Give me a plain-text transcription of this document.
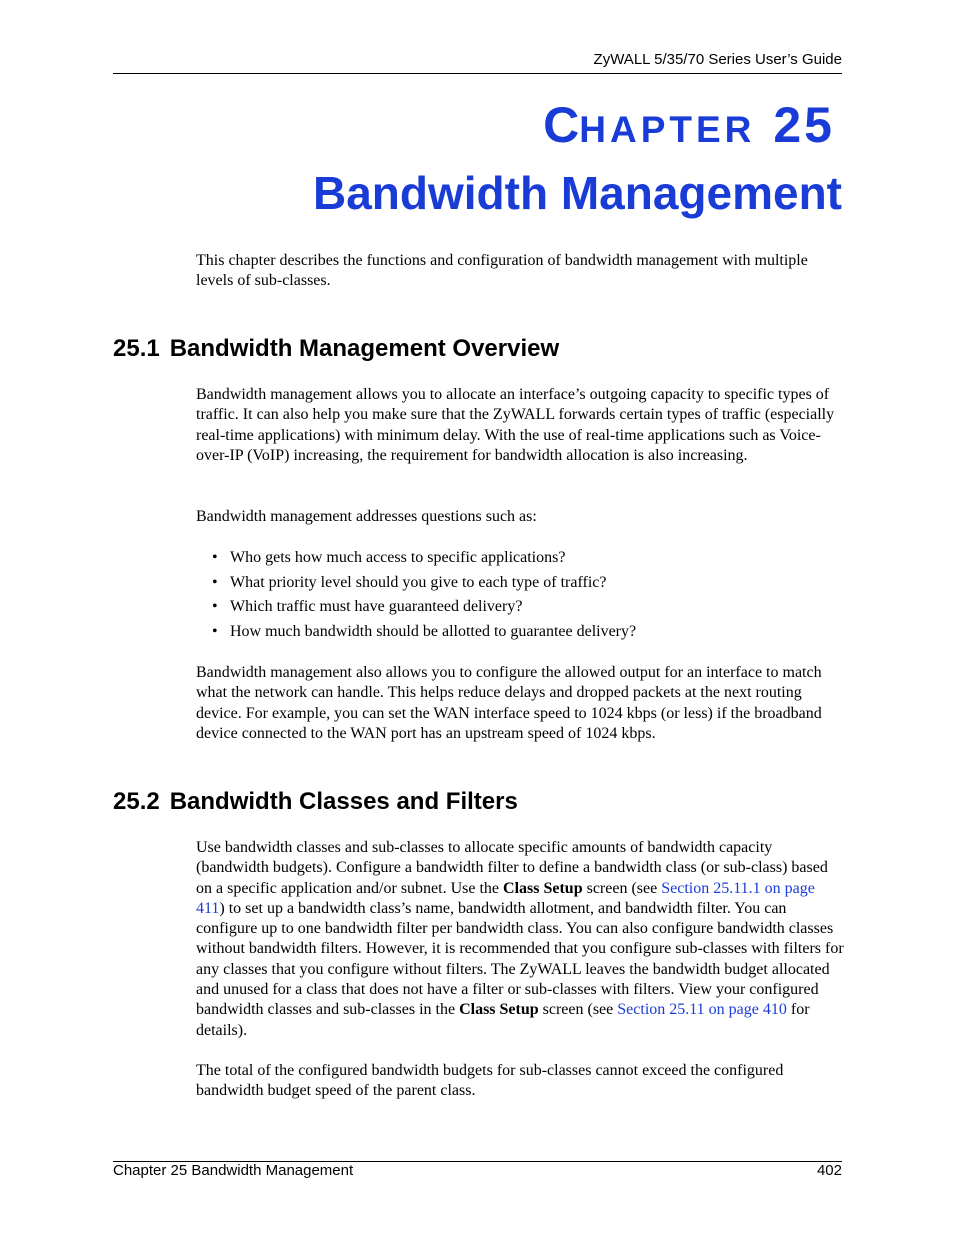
ZyWALL 5/35/70 Series User’s Guide
CHAPTER 25
Bandwidth Management

This chapter describes the functions and configuration of bandwidth management with multiple levels of sub-classes.

25.1 Bandwidth Management Overview

Bandwidth management allows you to allocate an interface’s outgoing capacity to specific types of traffic. It can also help you make sure that the ZyWALL forwards certain types of traffic (especially real-time applications) with minimum delay. With the use of real-time applications such as Voice-over-IP (VoIP) increasing, the requirement for bandwidth allocation is also increasing.

Bandwidth management addresses questions such as:

• Who gets how much access to specific applications?
• What priority level should you give to each type of traffic?
• Which traffic must have guaranteed delivery?
• How much bandwidth should be allotted to guarantee delivery?

Bandwidth management also allows you to configure the allowed output for an interface to match what the network can handle. This helps reduce delays and dropped packets at the next routing device. For example, you can set the WAN interface speed to 1024 kbps (or less) if the broadband device connected to the WAN port has an upstream speed of 1024 kbps.

25.2 Bandwidth Classes and Filters

Use bandwidth classes and sub-classes to allocate specific amounts of bandwidth capacity (bandwidth budgets). Configure a bandwidth filter to define a bandwidth class (or sub-class) based on a specific application and/or subnet. Use the Class Setup screen (see Section 25.11.1 on page 411) to set up a bandwidth class’s name, bandwidth allotment, and bandwidth filter. You can configure up to one bandwidth filter per bandwidth class. You can also configure bandwidth classes without bandwidth filters. However, it is recommended that you configure sub-classes with filters for any classes that you configure without filters. The ZyWALL leaves the bandwidth budget allocated and unused for a class that does not have a filter or sub-classes with filters. View your configured bandwidth classes and sub-classes in the Class Setup screen (see Section 25.11 on page 410 for details).

The total of the configured bandwidth budgets for sub-classes cannot exceed the configured bandwidth budget speed of the parent class.

Chapter 25 Bandwidth Management	402
